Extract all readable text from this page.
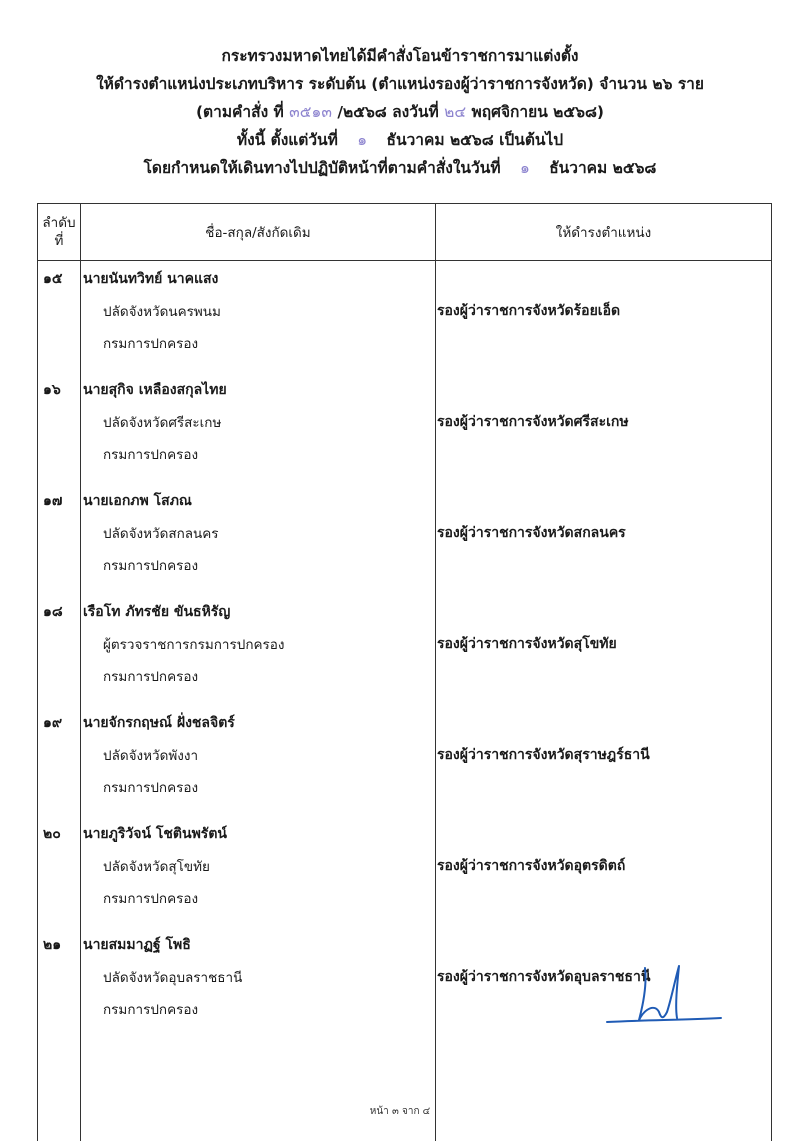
กระทรวงมหาดไทยได้มีคำสั่งโอนข้าราชการมาแต่งตั้ง
ให้ดำรงตำแหน่งประเภทบริหาร ระดับต้น (ตำแหน่งรองผู้ว่าราชการจังหวัด) จำนวน ๒๖ ราย
(ตามคำสั่ง ที่ ๓๕๑๓ /๒๕๖๘ ลงวันที่ ๒๔ พฤศจิกายน ๒๕๖๘)
ทั้งนี้ ตั้งแต่วันที่ ๑ ธันวาคม ๒๕๖๘ เป็นต้นไป
โดยกำหนดให้เดินทางไปปฏิบัติหน้าที่ตามคำสั่งในวันที่ ๑ ธันวาคม ๒๕๖๘
ลำดับ
ที่	ชื่อ-สกุล/สังกัดเดิม	ให้ดำรงตำแหน่ง

๑๕ นายนันทวิทย์ นาคแสง
ปลัดจังหวัดนครพนม
กรมการปกครอง
รองผู้ว่าราชการจังหวัดร้อยเอ็ด
๑๖ นายสุกิจ เหลืองสกุลไทย
ปลัดจังหวัดศรีสะเกษ
กรมการปกครอง
รองผู้ว่าราชการจังหวัดศรีสะเกษ
๑๗ นายเอกภพ โสภณ
ปลัดจังหวัดสกลนคร
กรมการปกครอง
รองผู้ว่าราชการจังหวัดสกลนคร
๑๘ เรือโท ภัทรชัย ขันธหิรัญ
ผู้ตรวจราชการกรมการปกครอง
กรมการปกครอง
รองผู้ว่าราชการจังหวัดสุโขทัย
๑๙ นายจักรกฤษณ์ ฝั่งชลจิตร์
ปลัดจังหวัดพังงา
กรมการปกครอง
รองผู้ว่าราชการจังหวัดสุราษฎร์ธานี
๒๐ นายภูริวัจน์ โชตินพรัตน์
ปลัดจังหวัดสุโขทัย
กรมการปกครอง
รองผู้ว่าราชการจังหวัดอุตรดิตถ์
๒๑ นายสมมาฏฐ์ โพธิ
ปลัดจังหวัดอุบลราชธานี
กรมการปกครอง
รองผู้ว่าราชการจังหวัดอุบลราชธานี
หน้า ๓ จาก ๔
